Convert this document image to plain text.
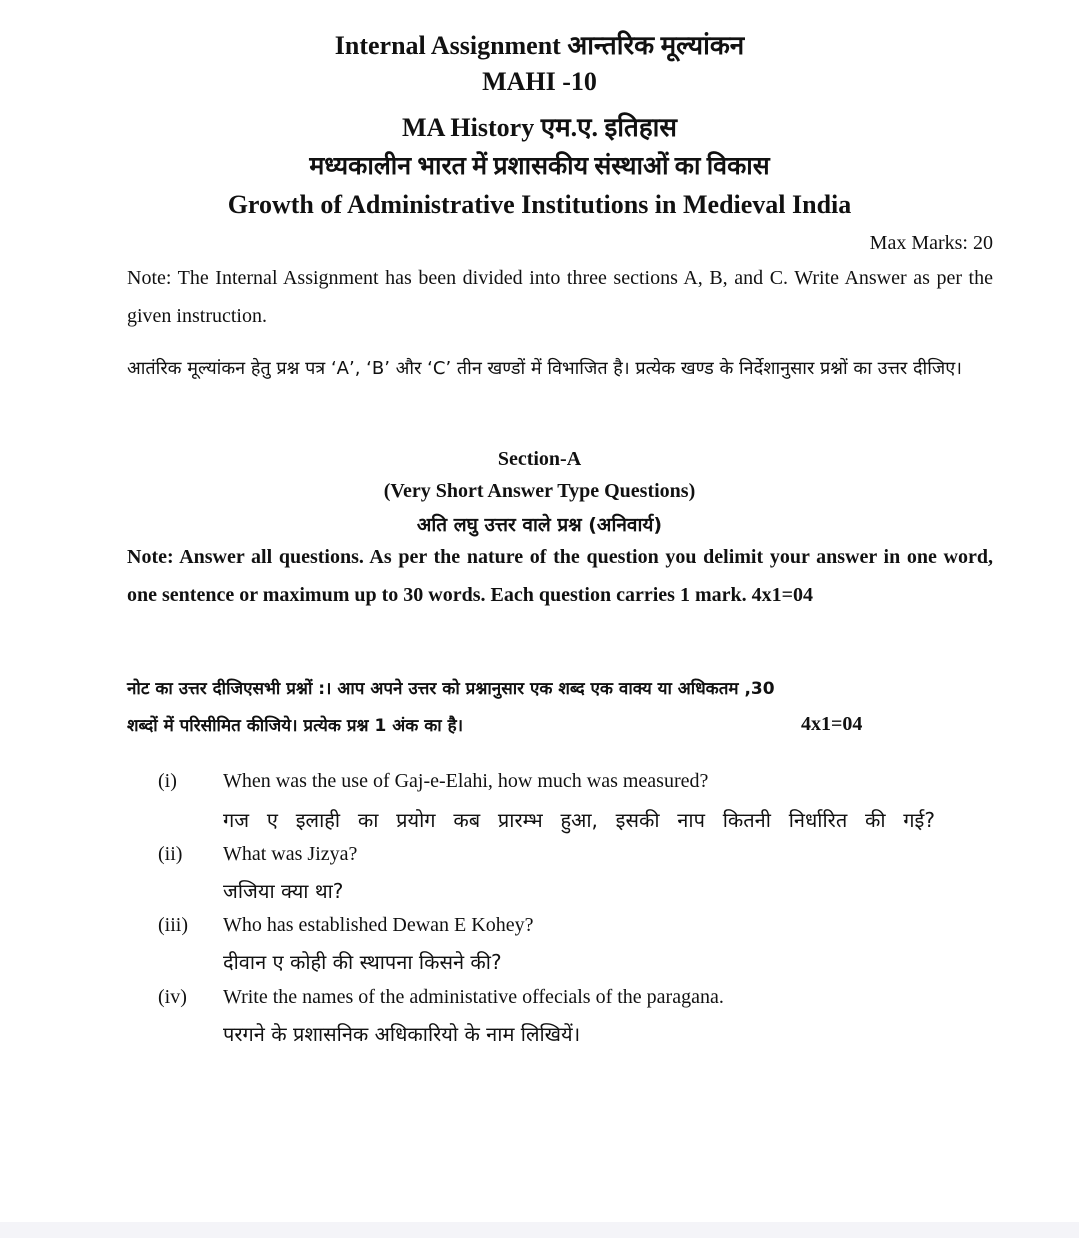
Internal Assignment आन्तरिक मूल्यांकन
MAHI -10
MA History एम.ए. इतिहास
मध्यकालीन भारत में प्रशासकीय संस्थाओं का विकास
Growth of Administrative Institutions in Medieval India
Max Marks: 20
Note: The Internal Assignment has been divided into three sections A, B, and C. Write Answer as per the given instruction.
आतंरिक मूल्यांकन हेतु प्रश्न पत्र ‘A’, ‘B’ और ‘C’ तीन खण्डों में विभाजित है। प्रत्येक खण्ड के निर्देशानुसार प्रश्नों का उत्तर दीजिए।
Section-A
(Very Short Answer Type Questions)
अति लघु उत्तर वाले प्रश्न (अनिवार्य)
Note: Answer all questions. As per the nature of the question you delimit your answer in one word, one sentence or maximum up to 30 words. Each question carries 1 mark. 4x1=04
नोट का उत्तर दीजिएसभी प्रश्नों :। आप अपने उत्तर को प्रश्नानुसार एक शब्द एक वाक्य या अधिकतम ,30
शब्दों में परिसीमित कीजिये। प्रत्येक प्रश्न 1 अंक का है।	4x1=04
(i) When was the use of Gaj-e-Elahi, how much was measured?
गज ए इलाही का प्रयोग कब प्रारम्भ हुआ, इसकी नाप कितनी निर्धारित की गई?
(ii) What was Jizya?
जजिया क्या था?
(iii) Who has established Dewan E Kohey?
दीवान ए कोही की स्थापना किसने की?
(iv) Write the names of the administative offecials of the paragana.
परगने के प्रशासनिक अधिकारियो के नाम लिखियें।
